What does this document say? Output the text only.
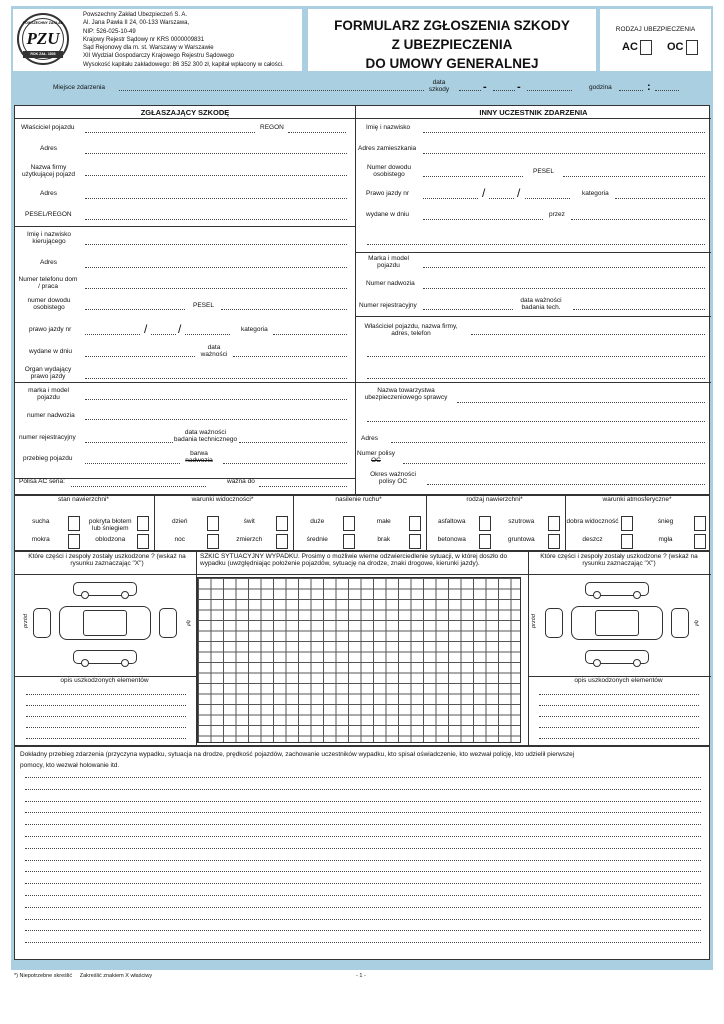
POWSZECHNY ZAKŁAD
PZU
ROK ZAŁ. 1803
Powszechny Zakład Ubezpieczeń S. A.
Al. Jana Pawła II 24, 00-133 Warszawa,
NIP: 526-025-10-49
Krajowy Rejestr Sądowy nr KRS 0000009831
Sąd Rejonowy dla m. st. Warszawy w Warszawie
XII Wydział Gospodarczy Krajowego Rejestru Sądowego
Wysokość kapitału zakładowego: 86 352 300 zł, kapitał wpłacony w całości.
FORMULARZ ZGŁOSZENIA SZKODY
Z UBEZPIECZENIA
DO UMOWY GENERALNEJ
RODZAJ UBEZPIECZENIA
AC	OC
Miejsce zdarzenia
data szkody	-	-	godzina	:
ZGŁASZAJĄCY SZKODĘ	INNY UCZESTNIK ZDARZENIA
Właściciel pojazdu	REGON
Adres
Nazwa firmy użytkującej pojazd
Adres
PESEL/REGON
Imię i nazwisko kierującego
Adres
Numer telefonu dom / praca
numer dowodu osobistego	PESEL
prawo jazdy nr	/	/	kategoria
wydane w dniu
data ważności
Organ wydający prawo jazdy
marka i model pojazdu
numer nadwozia
numer rejestracyjny
data ważności badania technicznego
przebieg pojazdu
barwa
nadwozia
Polisa AC seria:	ważna do
Imię i nazwisko
Adres zamieszkania
Numer dowodu osobistego	PESEL
Prawo jazdy nr	/	/	kategoria
wydane w dniu	przez
Marka i model pojazdu
Numer nadwozia
Numer rejestracyjny
data ważności badania tech.
Właściciel pojazdu, nazwa firmy, adres, telefon
Nazwa towarzystwa ubezpieczeniowego sprawcy
Adres
Numer polisy
OC
Okres ważności polisy OC
stan nawierzchni*
sucha	pokryta błotem lub śniegiem
mokra	oblodzona
warunki widoczności*
dzień	świt
noc	zmierzch
nasilenie ruchu*
duże	małe
średnie	brak
rodzaj nawierzchni*
asfaltowa	szutrowa
betonowa	gruntowa
warunki atmosferyczne*
dobra widoczność	śnieg
deszcz	mgła
Które części i zespoły zostały uszkodzone ? (wskaż na rysunku zaznaczając "X")
SZKIC SYTUACYJNY WYPADKU. Prosimy o możliwie wierne odzwierciedlenie sytuacji, w której doszło do wypadku (uwzględniając położenie pojazdów, sytuację na drodze, znaki drogowe, kierunki jazdy).
Które części i zespoły zostały uszkodzone ? (wskaż na rysunku zaznaczając "X")
przód	tył	przód	tył
opis uszkodzonych elementów	opis uszkodzonych elementów
Dokładny przebieg zdarzenia (przyczyna wypadku, sytuacja na drodze, prędkość pojazdów, zachowanie uczestników wypadku, kto spisał oświadczenie, kto wezwał policję, kto udzielił pierwszej pomocy, kto wezwał holowanie itd.
*) Niepotrzebne skreślić     Zakreślić znakiem X właściwy	- 1 -
